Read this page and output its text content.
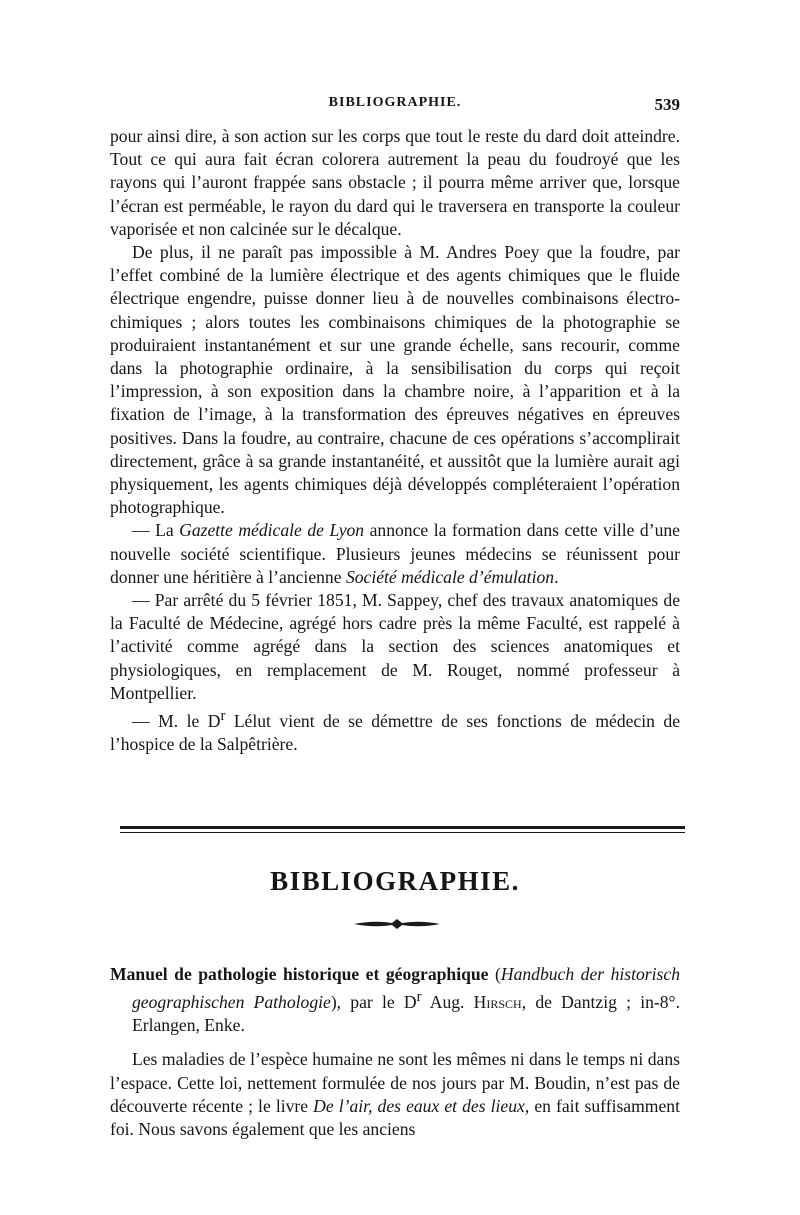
BIBLIOGRAPHIE.	539

pour ainsi dire, à son action sur les corps que tout le reste du dard doit atteindre. Tout ce qui aura fait écran colorera autrement la peau du foudroyé que les rayons qui l’auront frappée sans obstacle ; il pourra même arriver que, lorsque l’écran est perméable, le rayon du dard qui le traversera en transporte la couleur vaporisée et non calcinée sur le décalque.

De plus, il ne paraît pas impossible à M. Andres Poey que la foudre, par l’effet combiné de la lumière électrique et des agents chimiques que le fluide électrique engendre, puisse donner lieu à de nouvelles combinaisons électro-chimiques ; alors toutes les combinaisons chimiques de la photographie se produiraient instantanément et sur une grande échelle, sans recourir, comme dans la photographie ordinaire, à la sensibilisation du corps qui reçoit l’impression, à son exposition dans la chambre noire, à l’apparition et à la fixation de l’image, à la transformation des épreuves négatives en épreuves positives. Dans la foudre, au contraire, chacune de ces opérations s’accomplirait directement, grâce à sa grande instantanéité, et aussitôt que la lumière aurait agi physiquement, les agents chimiques déjà développés compléteraient l’opération photographique.

— La Gazette médicale de Lyon annonce la formation dans cette ville d’une nouvelle société scientifique. Plusieurs jeunes médecins se réunissent pour donner une héritière à l’ancienne Société médicale d’émulation.

— Par arrêté du 5 février 1851, M. Sappey, chef des travaux anatomiques de la Faculté de Médecine, agrégé hors cadre près la même Faculté, est rappelé à l’activité comme agrégé dans la section des sciences anatomiques et physiologiques, en remplacement de M. Rouget, nommé professeur à Montpellier.

— M. le $D^r$ Lélut vient de se démettre de ses fonctions de médecin de l’hospice de la Salpêtrière.

BIBLIOGRAPHIE.

Manuel de pathologie historique et géographique (Handbuch der historisch geographischen Pathologie), par le $D^r$ Aug. Hirsch, de Dantzig ; in-8°. Erlangen, Enke.

Les maladies de l’espèce humaine ne sont les mêmes ni dans le temps ni dans l’espace. Cette loi, nettement formulée de nos jours par M. Boudin, n’est pas de découverte récente ; le livre De l’air, des eaux et des lieux, en fait suffisamment foi. Nous savons également que les anciens
